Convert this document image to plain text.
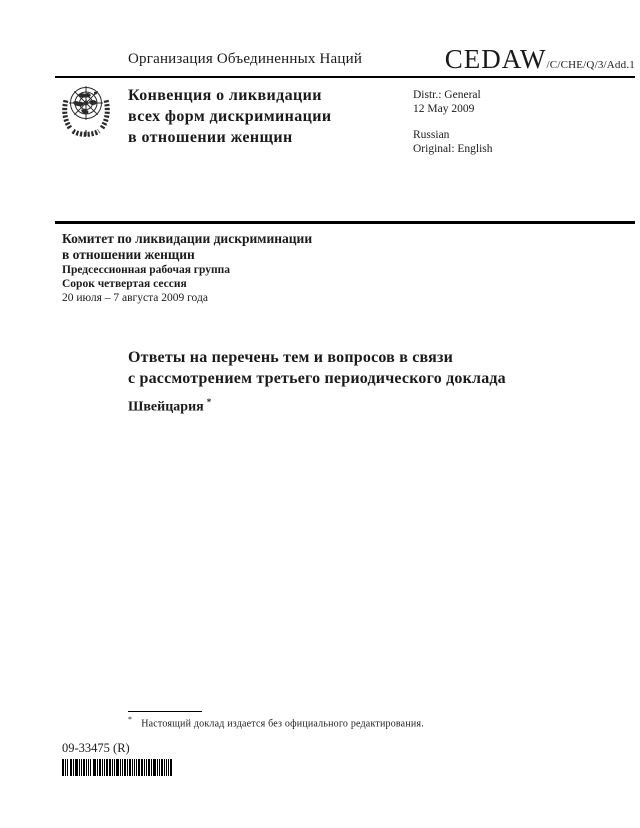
Организация Объединенных Наций	CEDAW /C/CHE/Q/3/Add.1
Конвенция о ликвидации
всех форм дискриминации
в отношении женщин
Distr.: General
12 May 2009
Russian
Original: English
Комитет по ликвидации дискриминации
в отношении женщин
Предсессионная рабочая группа
Сорок четвертая сессия
20 июля – 7 августа 2009 года
Ответы на перечень тем и вопросов в связи
с рассмотрением третьего периодического доклада
Швейцария *
* Настоящий доклад издается без официального редактирования.
09-33475 (R)
